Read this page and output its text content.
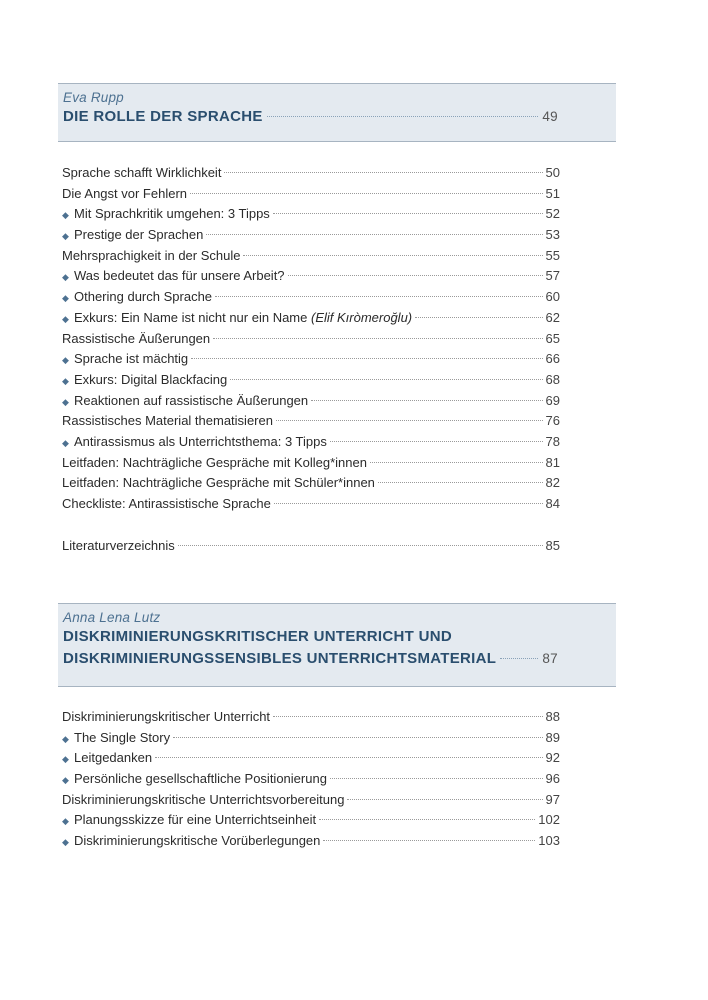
Eva Rupp
DIE ROLLE DER SPRACHE	49
Sprache schafft Wirklichkeit	50
Die Angst vor Fehlern	51
◆ Mit Sprachkritik umgehen: 3 Tipps	52
◆ Prestige der Sprachen	53
Mehrsprachigkeit in der Schule	55
◆ Was bedeutet das für unsere Arbeit?	57
◆ Othering durch Sprache	60
◆ Exkurs: Ein Name ist nicht nur ein Name (Elif Kıròmeroğlu)	62
Rassistische Äußerungen	65
◆ Sprache ist mächtig	66
◆ Exkurs: Digital Blackfacing	68
◆ Reaktionen auf rassistische Äußerungen	69
Rassistisches Material thematisieren	76
◆ Antirassismus als Unterrichtsthema: 3 Tipps	78
Leitfaden: Nachträgliche Gespräche mit Kolleg*innen	81
Leitfaden: Nachträgliche Gespräche mit Schüler*innen	82
Checkliste: Antirassistische Sprache	84
Literaturverzeichnis	85
Anna Lena Lutz
DISKRIMINIERUNGSKRITISCHER UNTERRICHT UND
DISKRIMINIERUNGSSENSIBLES UNTERRICHTSMATERIAL	87
Diskriminierungskritischer Unterricht	88
◆ The Single Story	89
◆ Leitgedanken	92
◆ Persönliche gesellschaftliche Positionierung	96
Diskriminierungskritische Unterrichtsvorbereitung	97
◆ Planungsskizze für eine Unterrichtseinheit	102
◆ Diskriminierungskritische Vorüberlegungen	103
